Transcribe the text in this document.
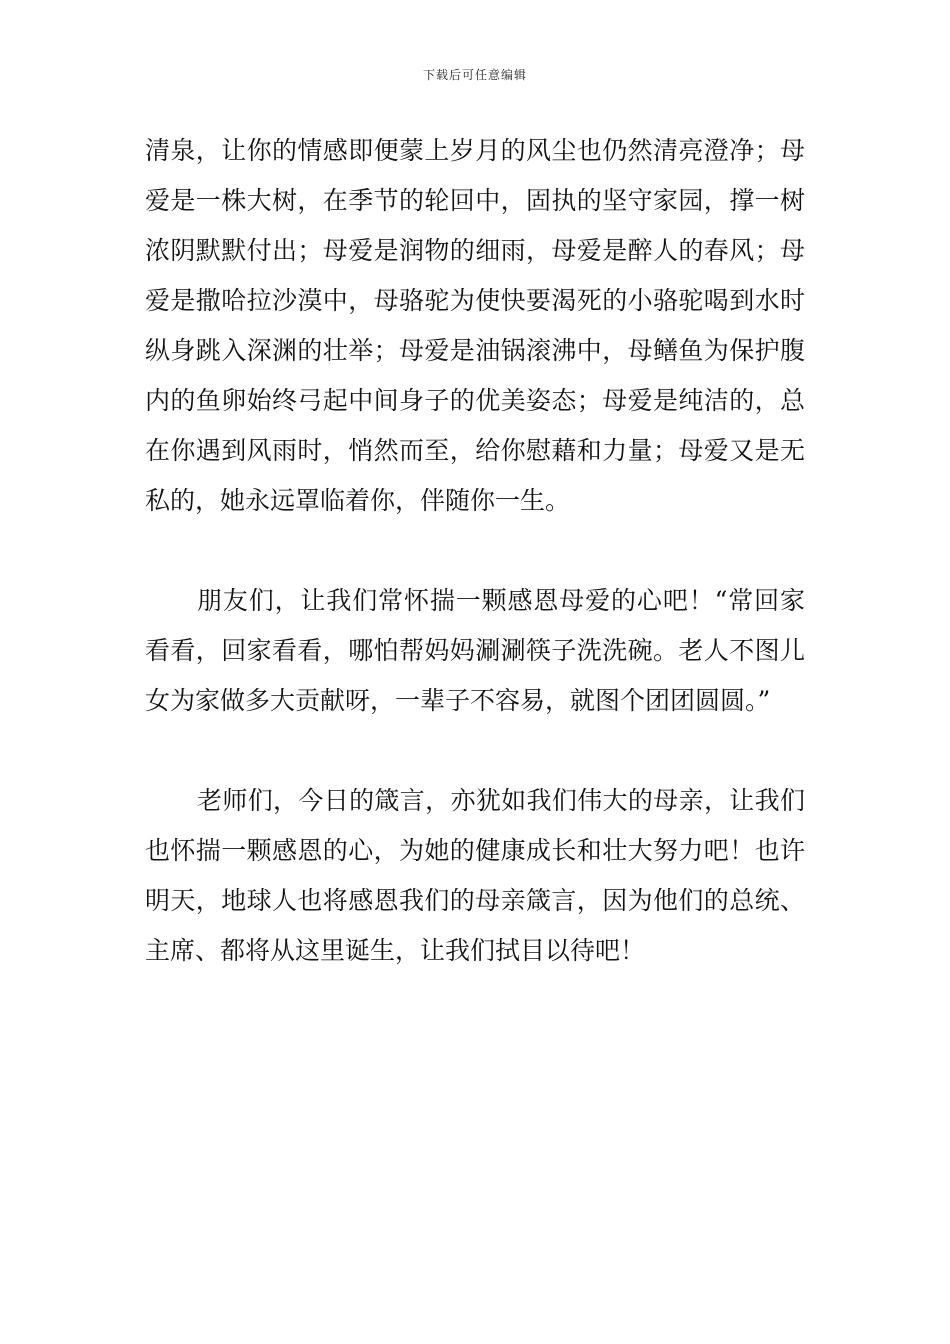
下载后可任意编辑

清泉，让你的情感即便蒙上岁月的风尘也仍然清亮澄净；母爱是一株大树，在季节的轮回中，固执的坚守家园，撑一树浓阴默默付出；母爱是润物的细雨，母爱是醉人的春风；母爱是撒哈拉沙漠中，母骆驼为使快要渴死的小骆驼喝到水时纵身跳入深渊的壮举；母爱是油锅滚沸中，母鳝鱼为保护腹内的鱼卵始终弓起中间身子的优美姿态；母爱是纯洁的，总在你遇到风雨时，悄然而至，给你慰藉和力量；母爱又是无私的，她永远罩临着你，伴随你一生。

朋友们，让我们常怀揣一颗感恩母爱的心吧！“常回家看看，回家看看，哪怕帮妈妈涮涮筷子洗洗碗。老人不图儿女为家做多大贡献呀，一辈子不容易，就图个团团圆圆。”

老师们，今日的箴言，亦犹如我们伟大的母亲，让我们也怀揣一颗感恩的心，为她的健康成长和壮大努力吧！也许明天，地球人也将感恩我们的母亲箴言，因为他们的总统、主席、都将从这里诞生，让我们拭目以待吧！
